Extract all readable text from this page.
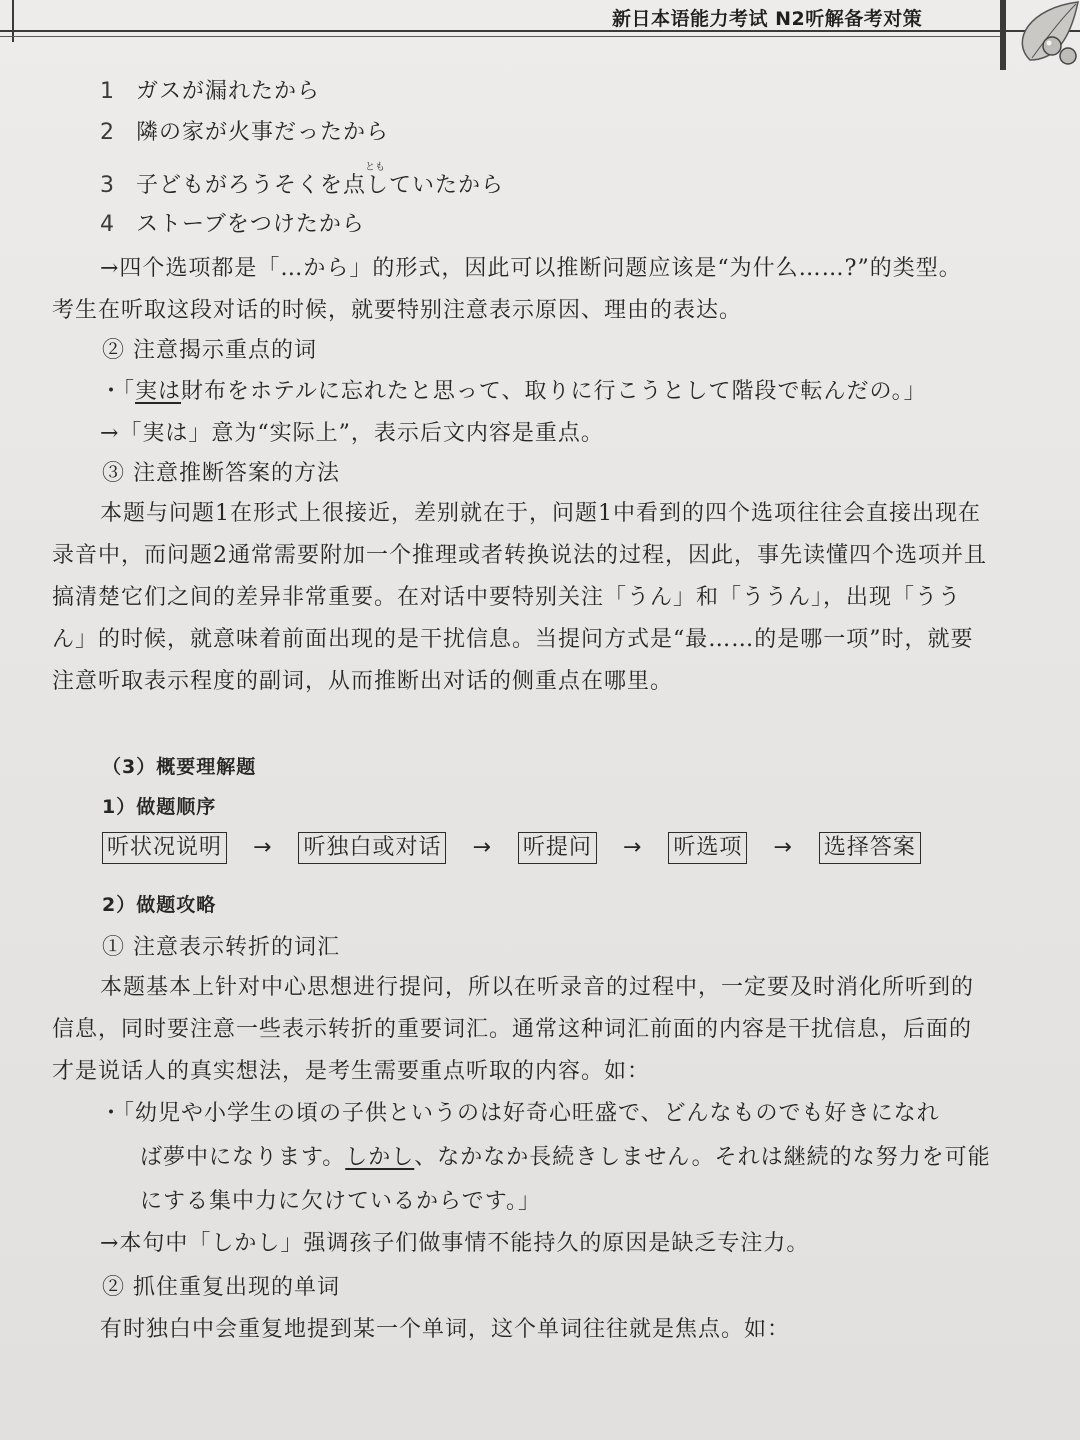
新日本语能力考试 N2听解备考对策
1 ガスが漏れたから
2 隣の家が火事だったから
とも
3 子どもがろうそくを点していたから
4 ストーブをつけたから
→四个选项都是「…から」的形式，因此可以推断问题应该是“为什么……?”的类型。
考生在听取这段对话的时候，就要特别注意表示原因、理由的表达。
② 注意揭示重点的词
・「実は財布をホテルに忘れたと思って、取りに行こうとして階段で転んだの。」
→「実は」意为“实际上”，表示后文内容是重点。
③ 注意推断答案的方法
本题与问题1在形式上很接近，差别就在于，问题1中看到的四个选项往往会直接出现在
录音中，而问题2通常需要附加一个推理或者转换说法的过程，因此，事先读懂四个选项并且
搞清楚它们之间的差异非常重要。在对话中要特别关注「うん」和「ううん」，出现「うう
ん」的时候，就意味着前面出现的是干扰信息。当提问方式是“最……的是哪一项”时，就要
注意听取表示程度的副词，从而推断出对话的侧重点在哪里。
（3）概要理解题
1）做题顺序
听状况说明 → 听独白或对话 → 听提问 → 听选项 → 选择答案
2）做题攻略
① 注意表示转折的词汇
本题基本上针对中心思想进行提问，所以在听录音的过程中，一定要及时消化所听到的
信息，同时要注意一些表示转折的重要词汇。通常这种词汇前面的内容是干扰信息，后面的
才是说话人的真实想法，是考生需要重点听取的内容。如：
・「幼児や小学生の頃の子供というのは好奇心旺盛で、どんなものでも好きになれ
ば夢中になります。しかし、なかなか長続きしません。それは継続的な努力を可能
にする集中力に欠けているからです。」
→本句中「しかし」强调孩子们做事情不能持久的原因是缺乏专注力。
② 抓住重复出现的单词
有时独白中会重复地提到某一个单词，这个单词往往就是焦点。如：
